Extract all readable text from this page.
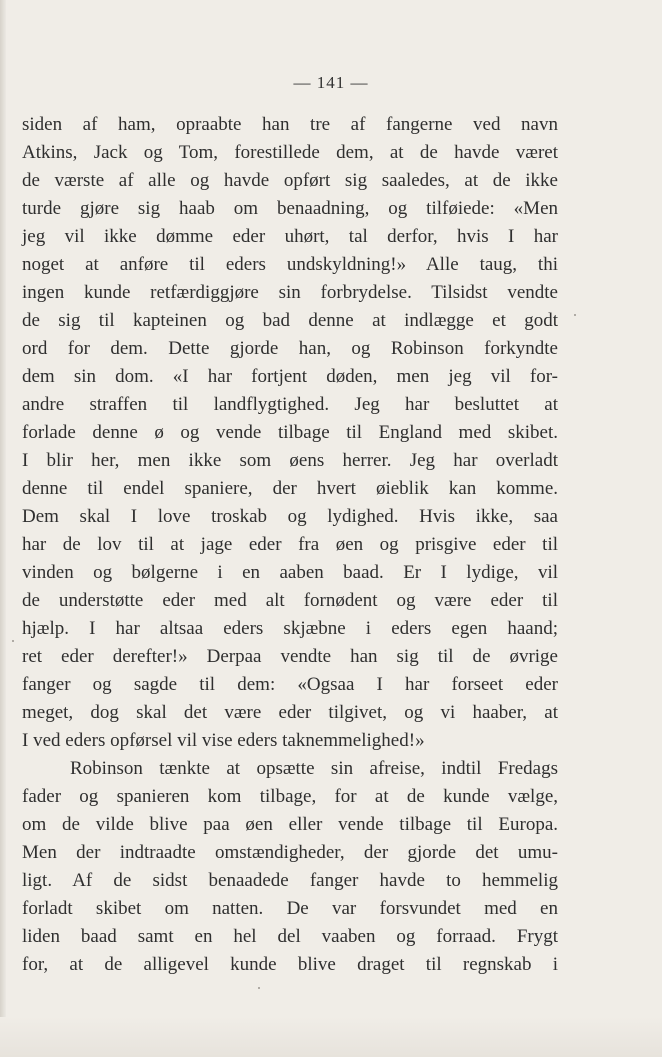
— 141 —
siden af ham, opraabte han tre af fangerne ved navn
Atkins, Jack og Tom, forestillede dem, at de havde været
de værste af alle og havde opført sig saaledes, at de ikke
turde gjøre sig haab om benaadning, og tilføiede: «Men
jeg vil ikke dømme eder uhørt, tal derfor, hvis I har
noget at anføre til eders undskyldning!» Alle taug, thi
ingen kunde retfærdiggjøre sin forbrydelse. Tilsidst vendte
de sig til kapteinen og bad denne at indlægge et godt
ord for dem. Dette gjorde han, og Robinson forkyndte
dem sin dom. «I har fortjent døden, men jeg vil for-
andre straffen til landflygtighed. Jeg har besluttet at
forlade denne ø og vende tilbage til England med skibet.
I blir her, men ikke som øens herrer. Jeg har overladt
denne til endel spaniere, der hvert øieblik kan komme.
Dem skal I love troskab og lydighed. Hvis ikke, saa
har de lov til at jage eder fra øen og prisgive eder til
vinden og bølgerne i en aaben baad. Er I lydige, vil
de understøtte eder med alt fornødent og være eder til
hjælp. I har altsaa eders skjæbne i eders egen haand;
ret eder derefter!» Derpaa vendte han sig til de øvrige
fanger og sagde til dem: «Ogsaa I har forseet eder
meget, dog skal det være eder tilgivet, og vi haaber, at
I ved eders opførsel vil vise eders taknemmelighed!»
Robinson tænkte at opsætte sin afreise, indtil Fredags
fader og spanieren kom tilbage, for at de kunde vælge,
om de vilde blive paa øen eller vende tilbage til Europa.
Men der indtraadte omstændigheder, der gjorde det umu-
ligt. Af de sidst benaadede fanger havde to hemmelig
forladt skibet om natten. De var forsvundet med en
liden baad samt en hel del vaaben og forraad. Frygt
for, at de alligevel kunde blive draget til regnskab i
